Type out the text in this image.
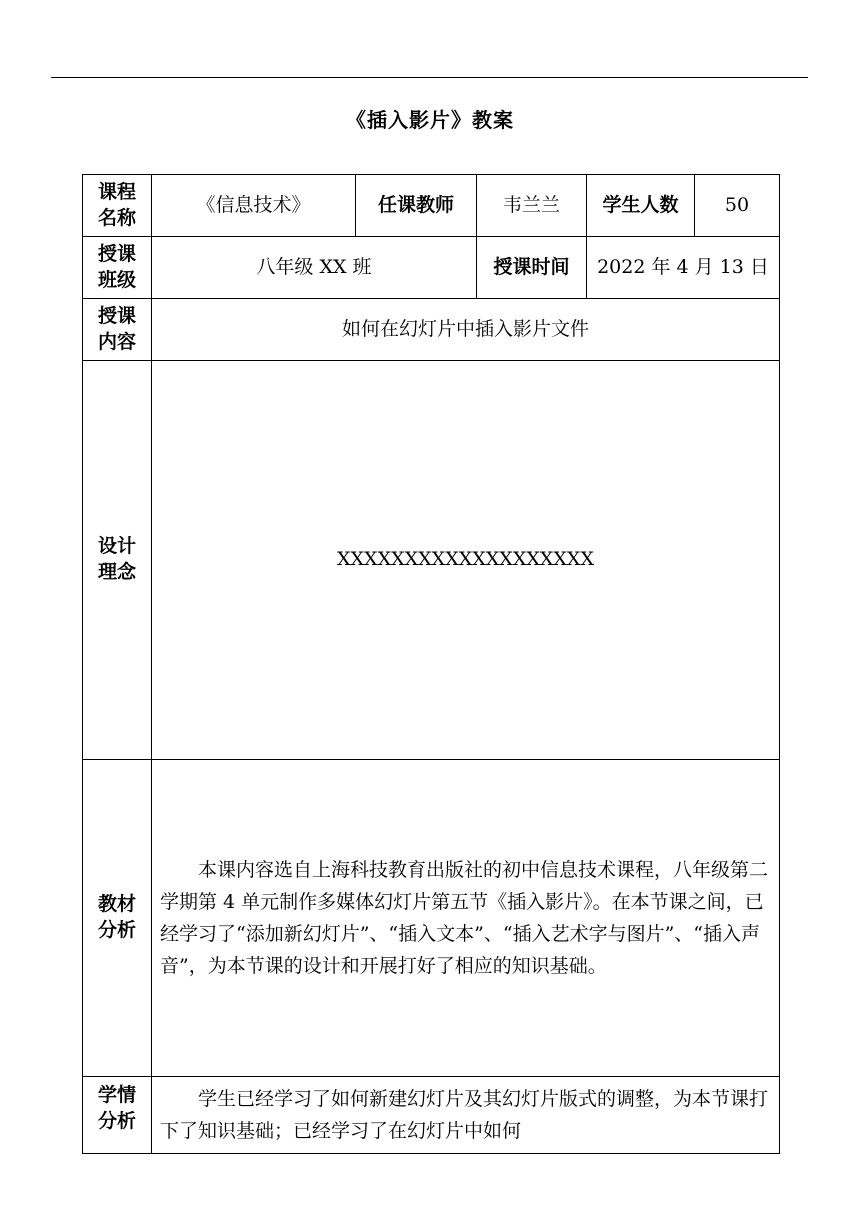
《插入影片》教案
课程名称	《信息技术》	任课教师	韦兰兰	学生人数	50
授课班级	八年级 XX 班		授课时间	2022 年 4 月 13 日	
授课内容	如何在幻灯片中插入影片文件				
设计理念	XXXXXXXXXXXXXXXXXXX				
教材分析	本课内容选自上海科技教育出版社的初中信息技术课程，八年级第二学期第 4 单元制作多媒体幻灯片第五节《插入影片》。在本节课之间，已经学习了“添加新幻灯片”、“插入文本”、“插入艺术字与图片”、“插入声音”，为本节课的设计和开展打好了相应的知识基础。				

学情分析	学生已经学习了如何新建幻灯片及其幻灯片版式的调整，为本节课打下了知识基础；已经学习了在幻灯片中如何				
